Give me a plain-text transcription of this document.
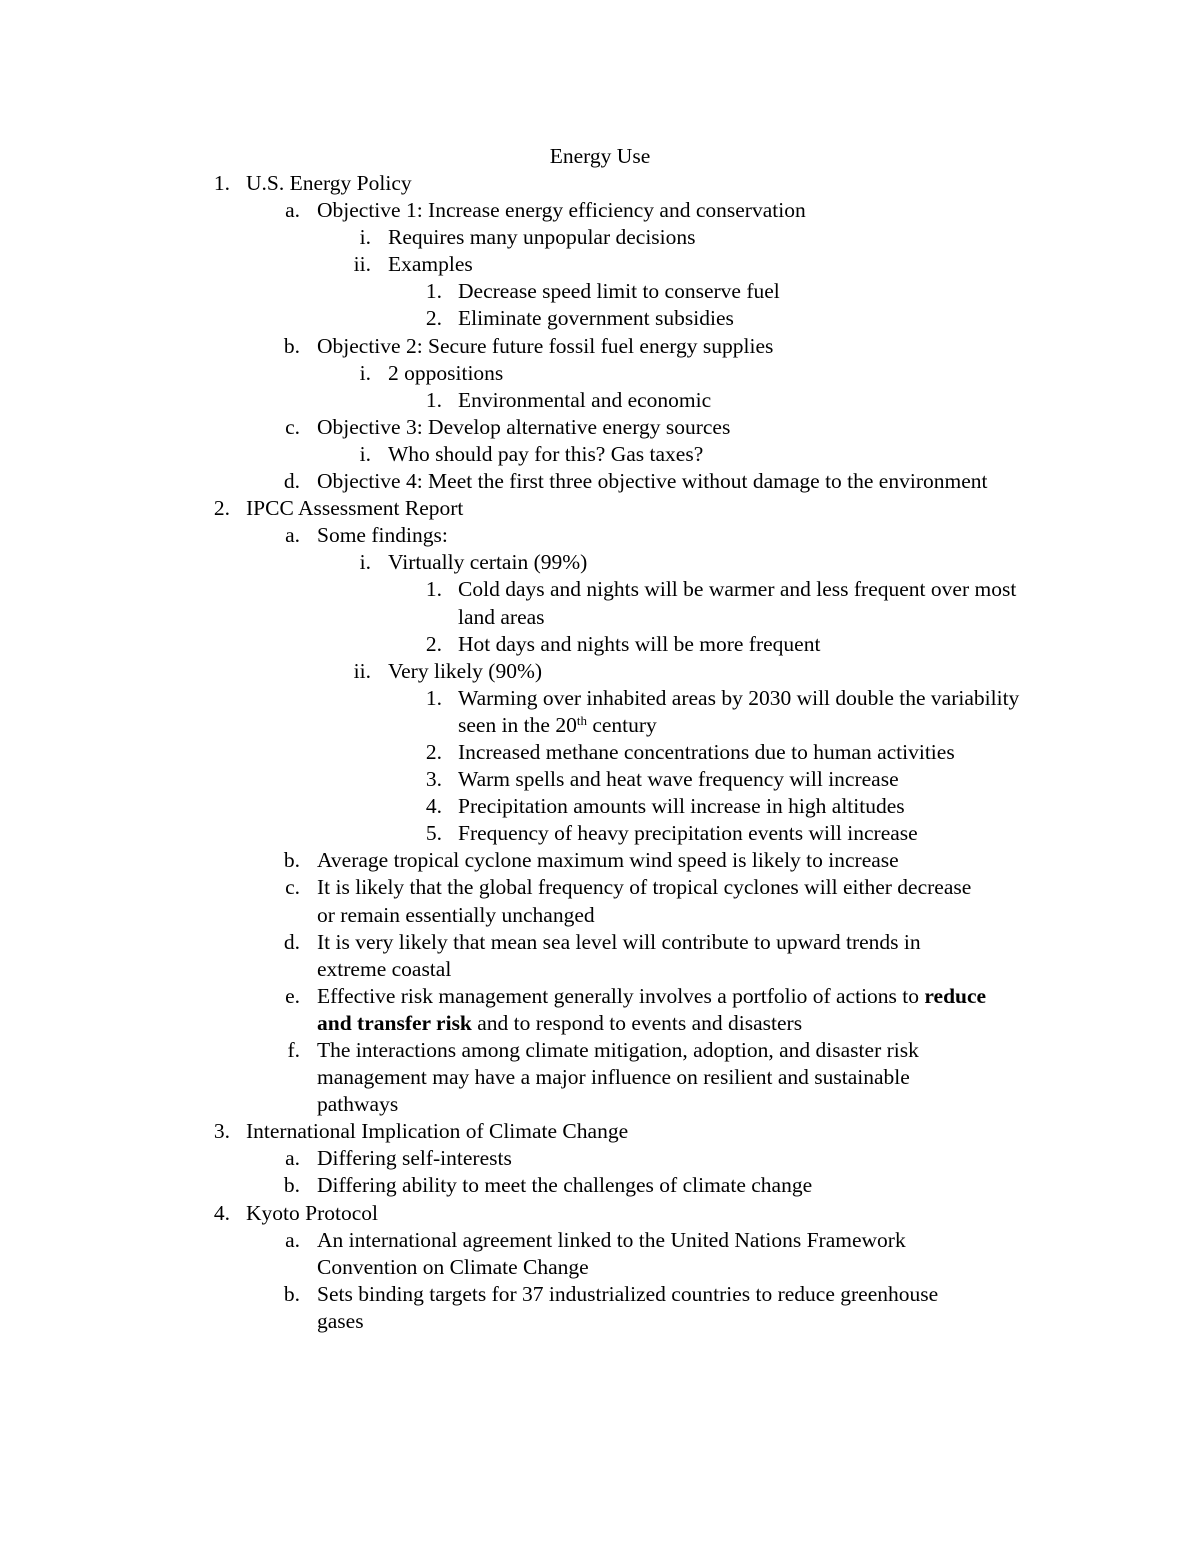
Energy Use
1. U.S. Energy Policy
a. Objective 1: Increase energy efficiency and conservation
i. Requires many unpopular decisions
ii. Examples
1. Decrease speed limit to conserve fuel
2. Eliminate government subsidies
b. Objective 2: Secure future fossil fuel energy supplies
i. 2 oppositions
1. Environmental and economic
c. Objective 3: Develop alternative energy sources
i. Who should pay for this? Gas taxes?
d. Objective 4: Meet the first three objective without damage to the environment
2. IPCC Assessment Report
a. Some findings:
i. Virtually certain (99%)
1. Cold days and nights will be warmer and less frequent over most land areas
2. Hot days and nights will be more frequent
ii. Very likely (90%)
1. Warming over inhabited areas by 2030 will double the variability seen in the 20th century
2. Increased methane concentrations due to human activities
3. Warm spells and heat wave frequency will increase
4. Precipitation amounts will increase in high altitudes
5. Frequency of heavy precipitation events will increase
b. Average tropical cyclone maximum wind speed is likely to increase
c. It is likely that the global frequency of tropical cyclones will either decrease or remain essentially unchanged
d. It is very likely that mean sea level will contribute to upward trends in extreme coastal
e. Effective risk management generally involves a portfolio of actions to reduce and transfer risk and to respond to events and disasters
f. The interactions among climate mitigation, adoption, and disaster risk management may have a major influence on resilient and sustainable pathways
3. International Implication of Climate Change
a. Differing self-interests
b. Differing ability to meet the challenges of climate change
4. Kyoto Protocol
a. An international agreement linked to the United Nations Framework Convention on Climate Change
b. Sets binding targets for 37 industrialized countries to reduce greenhouse gases
